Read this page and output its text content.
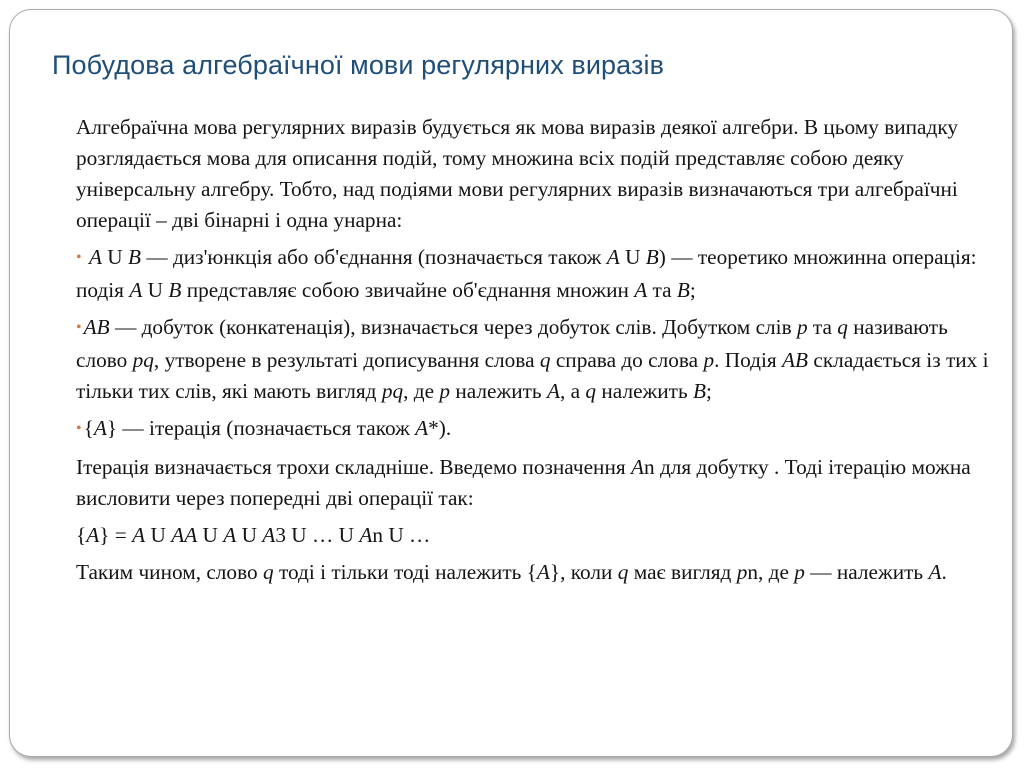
Побудова алгебраїчної мови регулярних виразів

Алгебраїчна мова регулярних виразів будується як мова виразів деякої алгебри. В цьому випадку розглядається мова для описання подій, тому множина всіх подій представляє собою деяку універсальну алгебру. Тобто, над подіями мови регулярних виразів визначаються три алгебраїчні операції – дві бінарні і одна унарна:

• A U B — диз'юнкція або об'єднання (позначається також A U B) — теоретико множинна операція: подія A U B представляє собою звичайне об'єднання множин A та B;

•AB — добуток (конкатенація), визначається через добуток слів. Добутком слів p та q називають слово pq, утворене в результаті дописування слова q справа до слова p. Подія AB складається із тих і тільки тих слів, які мають вигляд pq, де p належить A, а q належить B;

•{A} — ітерація (позначається також A*).

Ітерація визначається трохи складніше. Введемо позначення An для добутку . Тоді ітерацію можна висловити через попередні дві операції так:

{A} = A U AA U A U A3 U … U An U …

Таким чином, слово q тоді і тільки тоді належить {A}, коли q має вигляд pn, де p — належить A.
